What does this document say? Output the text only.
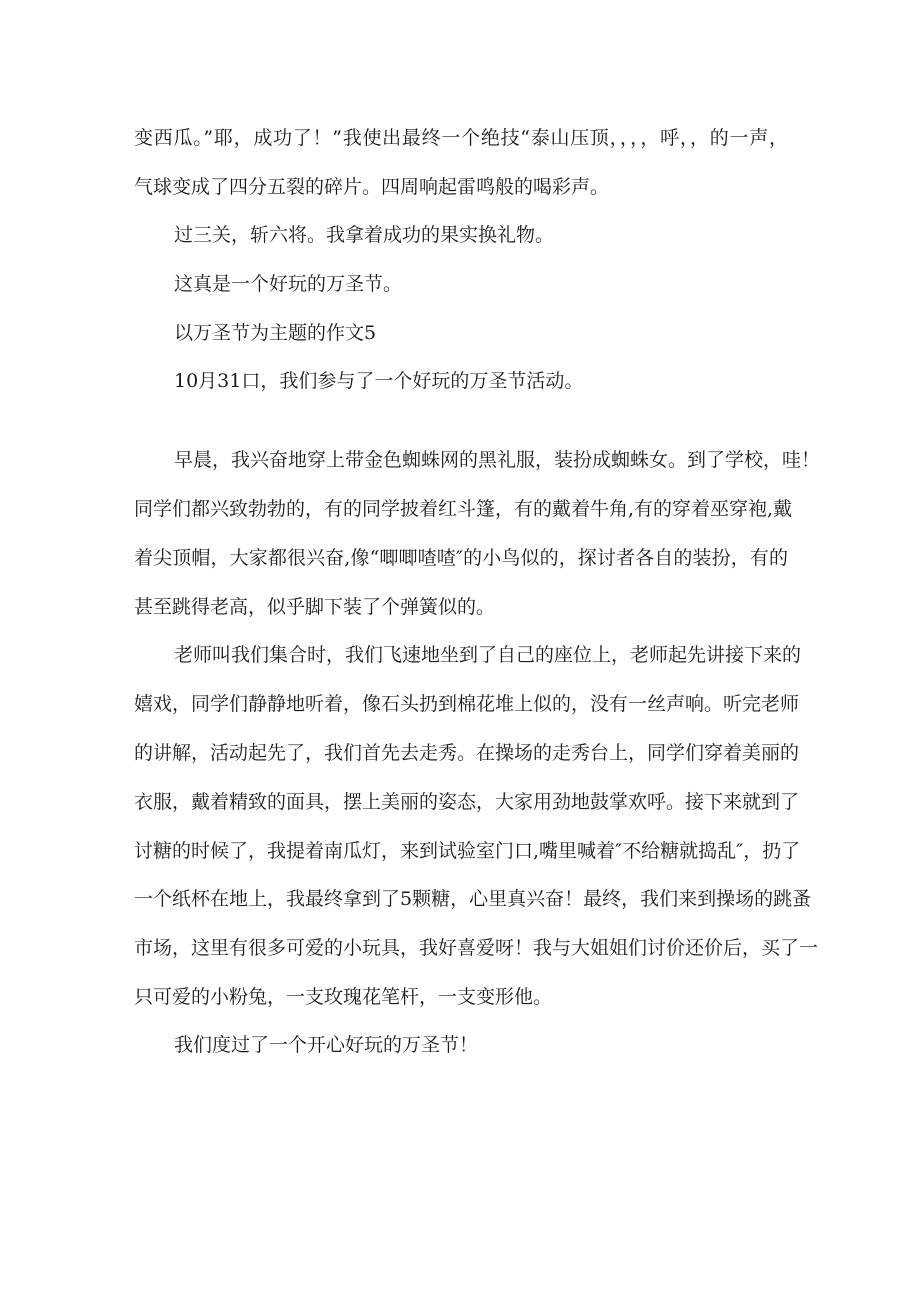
变西瓜。”耶，成功了！”我使出最终一个绝技“泰山压顶，，，，呼，，的一声，
气球变成了四分五裂的碎片。四周响起雷鸣般的喝彩声。
过三关，斩六将。我拿着成功的果实换礼物。
这真是一个好玩的万圣节。
以万圣节为主题的作文5
10月31口，我们参与了一个好玩的万圣节活动。
早晨，我兴奋地穿上带金色蜘蛛网的黑礼服，装扮成蜘蛛女。到了学校，哇！
同学们都兴致勃勃的，有的同学披着红斗篷，有的戴着牛角,有的穿着巫穿袍,戴
着尖顶帽，大家都很兴奋,像“唧唧喳喳″的小鸟似的，探讨者各自的装扮，有的
甚至跳得老高，似乎脚下装了个弹簧似的。
老师叫我们集合时，我们飞速地坐到了自己的座位上，老师起先讲接下来的
嬉戏，同学们静静地听着，像石头扔到棉花堆上似的，没有一丝声响。听完老师
的讲解，活动起先了，我们首先去走秀。在操场的走秀台上，同学们穿着美丽的
衣服，戴着精致的面具，摆上美丽的姿态，大家用劲地鼓掌欢呼。接下来就到了
讨糖的时候了，我提着南瓜灯，来到试验室门口,嘴里喊着″不给糖就捣乱″，扔了
一个纸杯在地上，我最终拿到了5颗糖，心里真兴奋！最终，我们来到操场的跳蚤
市场，这里有很多可爱的小玩具，我好喜爱呀！我与大姐姐们讨价还价后，买了一
只可爱的小粉兔，一支玫瑰花笔杆，一支变形他。
我们度过了一个开心好玩的万圣节！
